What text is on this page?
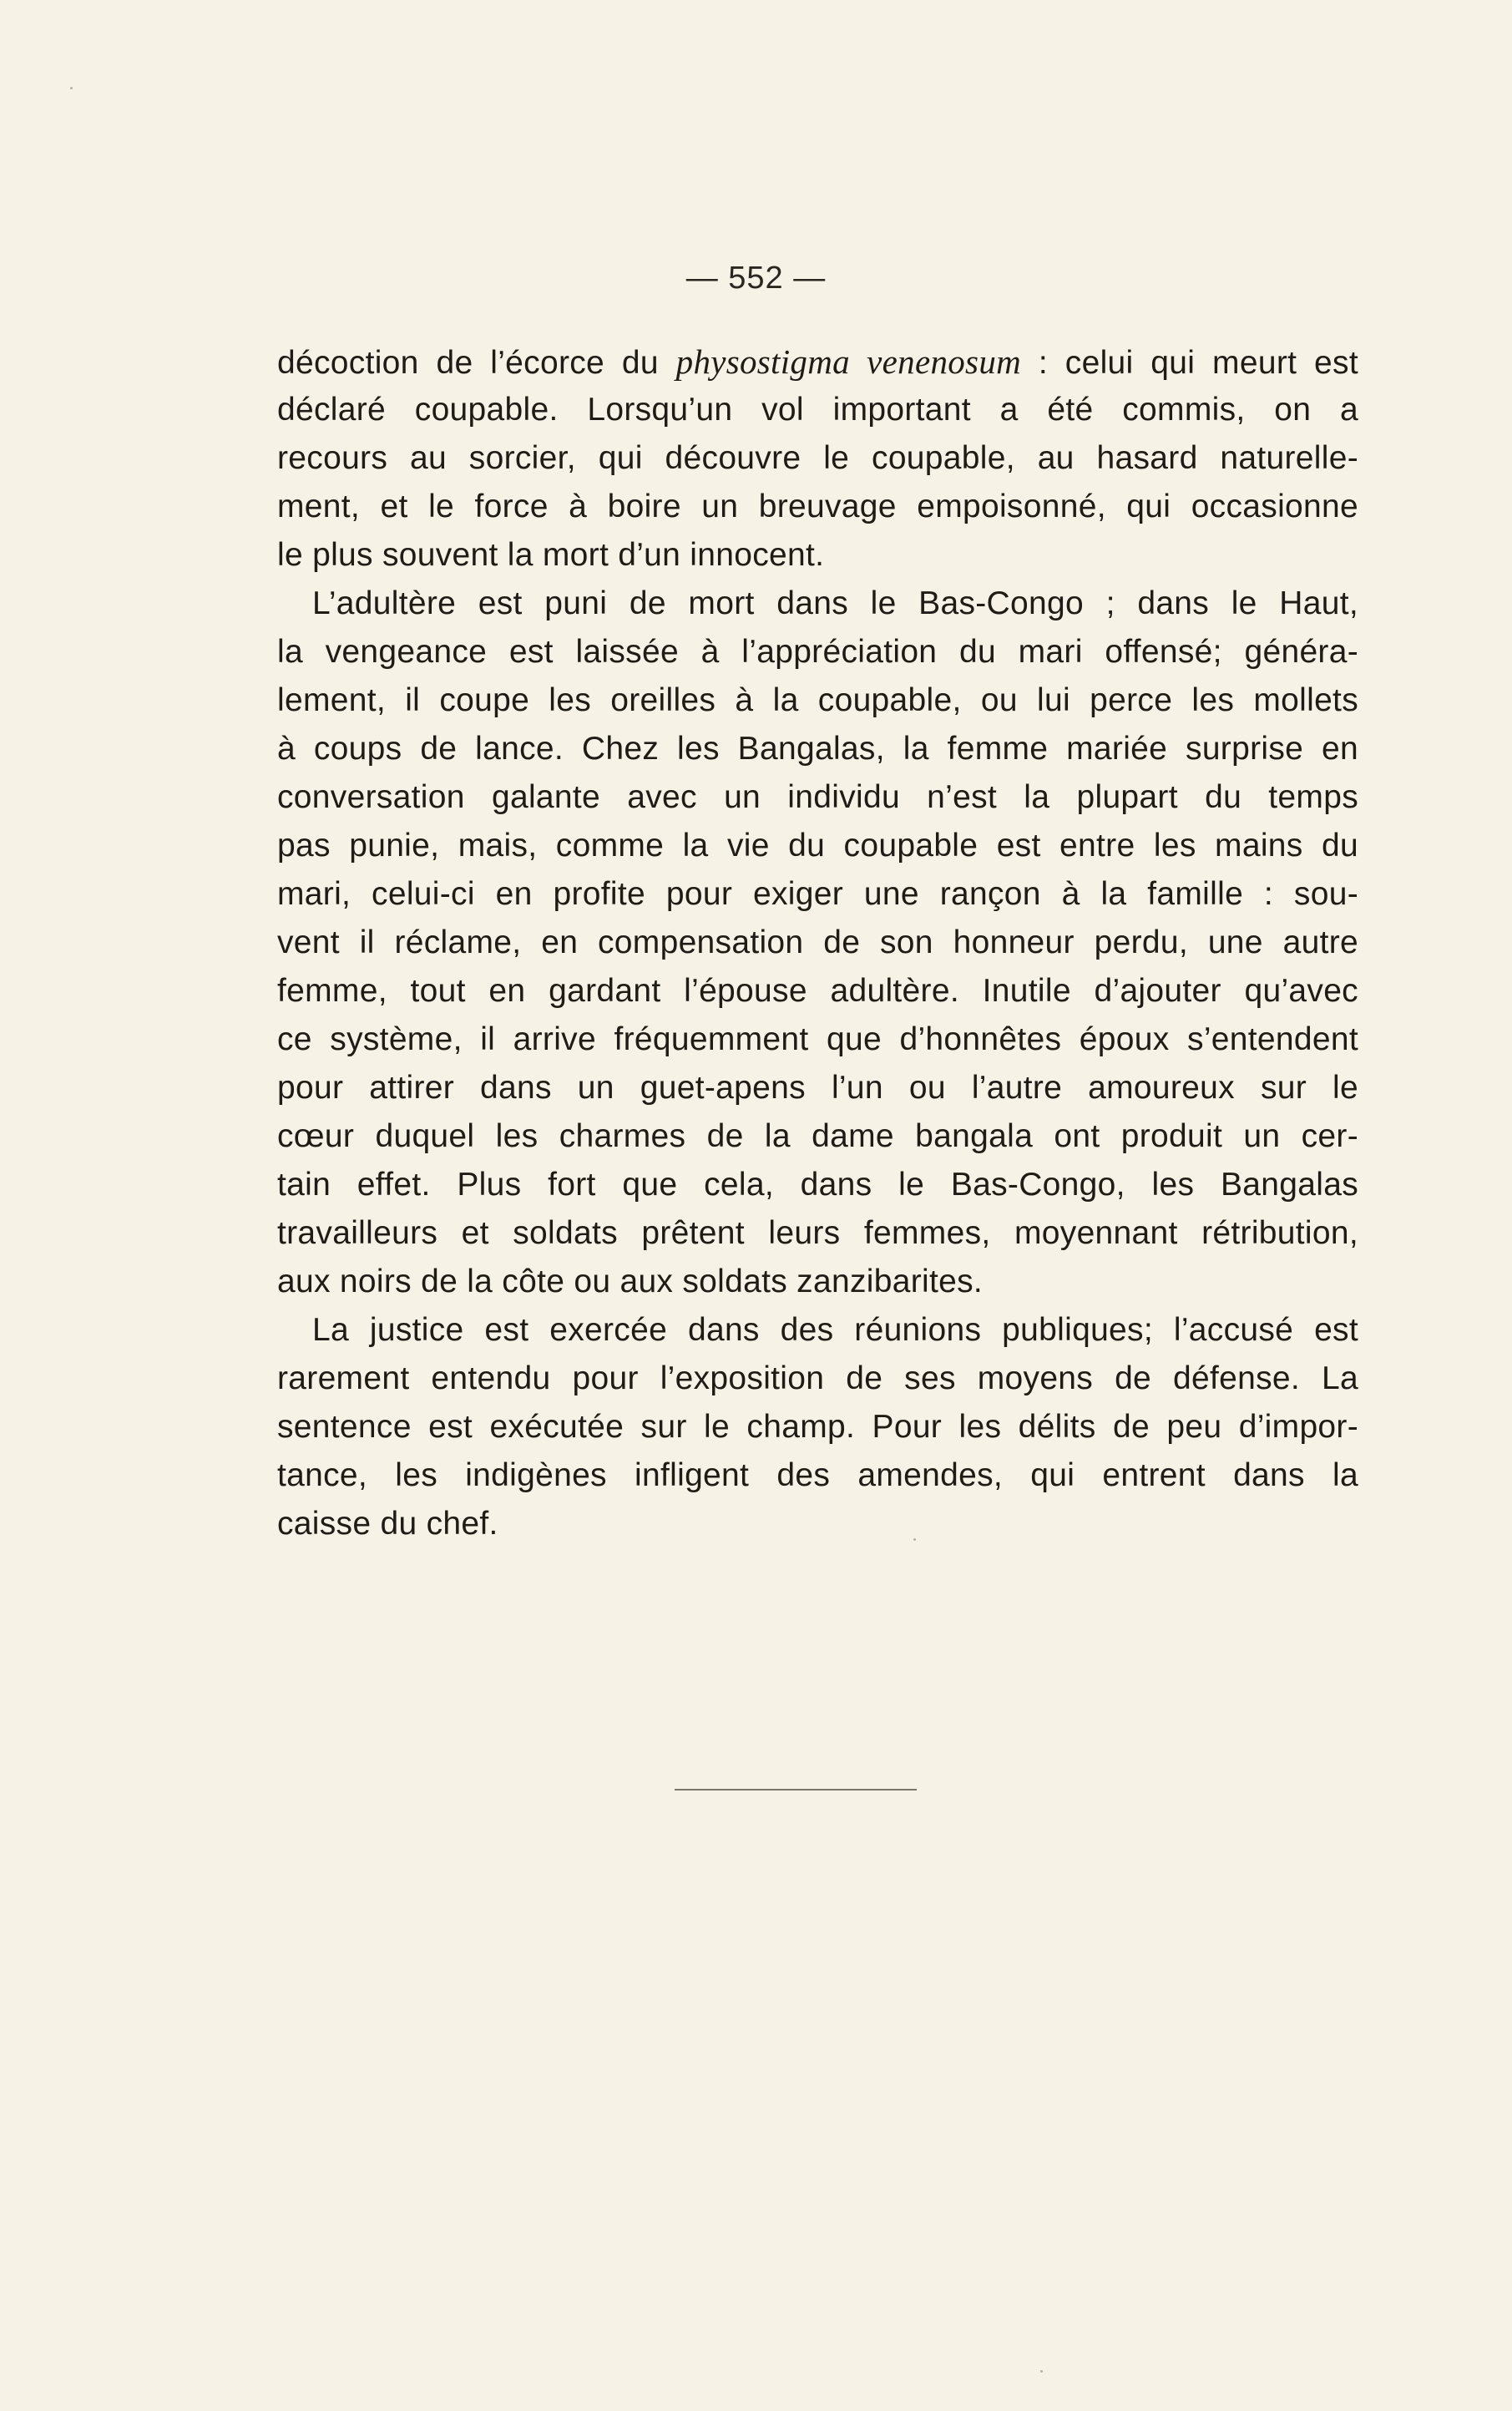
— 552 —
décoction de l’écorce du physostigma venenosum : celui qui meurt est
déclaré coupable. Lorsqu’un vol important a été commis, on a
recours au sorcier, qui découvre le coupable, au hasard naturelle-
ment, et le force à boire un breuvage empoisonné, qui occasionne
le plus souvent la mort d’un innocent.
L’adultère est puni de mort dans le Bas-Congo ; dans le Haut,
la vengeance est laissée à l’appréciation du mari offensé; généra-
lement, il coupe les oreilles à la coupable, ou lui perce les mollets
à coups de lance. Chez les Bangalas, la femme mariée surprise en
conversation galante avec un individu n’est la plupart du temps
pas punie, mais, comme la vie du coupable est entre les mains du
mari, celui-ci en profite pour exiger une rançon à la famille : sou-
vent il réclame, en compensation de son honneur perdu, une autre
femme, tout en gardant l’épouse adultère. Inutile d’ajouter qu’avec
ce système, il arrive fréquemment que d’honnêtes époux s’entendent
pour attirer dans un guet-apens l’un ou l’autre amoureux sur le
cœur duquel les charmes de la dame bangala ont produit un cer-
tain effet. Plus fort que cela, dans le Bas-Congo, les Bangalas
travailleurs et soldats prêtent leurs femmes, moyennant rétribution,
aux noirs de la côte ou aux soldats zanzibarites.
La justice est exercée dans des réunions publiques; l’accusé est
rarement entendu pour l’exposition de ses moyens de défense. La
sentence est exécutée sur le champ. Pour les délits de peu d’impor-
tance, les indigènes infligent des amendes, qui entrent dans la
caisse du chef.
